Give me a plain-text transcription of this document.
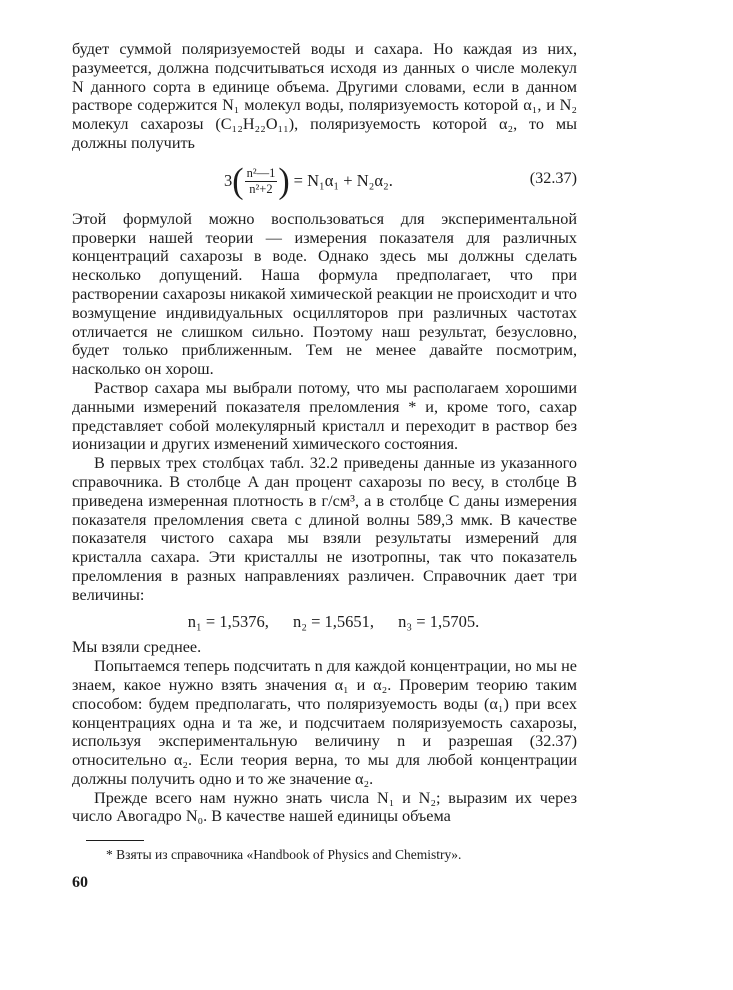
будет суммой поляризуемостей воды и сахара. Но каждая из них, разумеется, должна подсчитываться исходя из данных о числе молекул N данного сорта в единице объема. Другими словами, если в данном растворе содержится N₁ молекул воды, поляризуемость которой α₁, и N₂ молекул сахарозы (C₁₂H₂₂O₁₁), поляризуемость которой α₂, то мы должны получить

3 ( $\frac{\text{n²—1}}{\text{n²+2}}$ ) = N₁α₁ + N₂α₂.	(32.37)

Этой формулой можно воспользоваться для экспериментальной проверки нашей теории — измерения показателя для различных концентраций сахарозы в воде. Однако здесь мы должны сделать несколько допущений. Наша формула предполагает, что при растворении сахарозы никакой химической реакции не происходит и что возмущение индивидуальных осцилляторов при различных частотах отличается не слишком сильно. Поэтому наш результат, безусловно, будет только приближенным. Тем не менее давайте посмотрим, насколько он хорош.

Раствор сахара мы выбрали потому, что мы располагаем хорошими данными измерений показателя преломления * и, кроме того, сахар представляет собой молекулярный кристалл и переходит в раствор без ионизации и других изменений химического состояния.

В первых трех столбцах табл. 32.2 приведены данные из указанного справочника. В столбце A дан процент сахарозы по весу, в столбце B приведена измеренная плотность в г/см³, а в столбце C даны измерения показателя преломления света с длиной волны 589,3 ммк. В качестве показателя чистого сахара мы взяли результаты измерений для кристалла сахара. Эти кристаллы не изотропны, так что показатель преломления в разных направлениях различен. Справочник дает три величины:

n₁ = 1,5376, n₂ = 1,5651, n₃ = 1,5705.

Мы взяли среднее.

Попытаемся теперь подсчитать n для каждой концентрации, но мы не знаем, какое нужно взять значения α₁ и α₂. Проверим теорию таким способом: будем предполагать, что поляризуемость воды (α₁) при всех концентрациях одна и та же, и подсчитаем поляризуемость сахарозы, используя экспериментальную величину n и разрешая (32.37) относительно α₂. Если теория верна, то мы для любой концентрации должны получить одно и то же значение α₂.

Прежде всего нам нужно знать числа N₁ и N₂; выразим их через число Авогадро N₀. В качестве нашей единицы объема

* Взяты из справочника «Handbook of Physics and Chemistry».

60
